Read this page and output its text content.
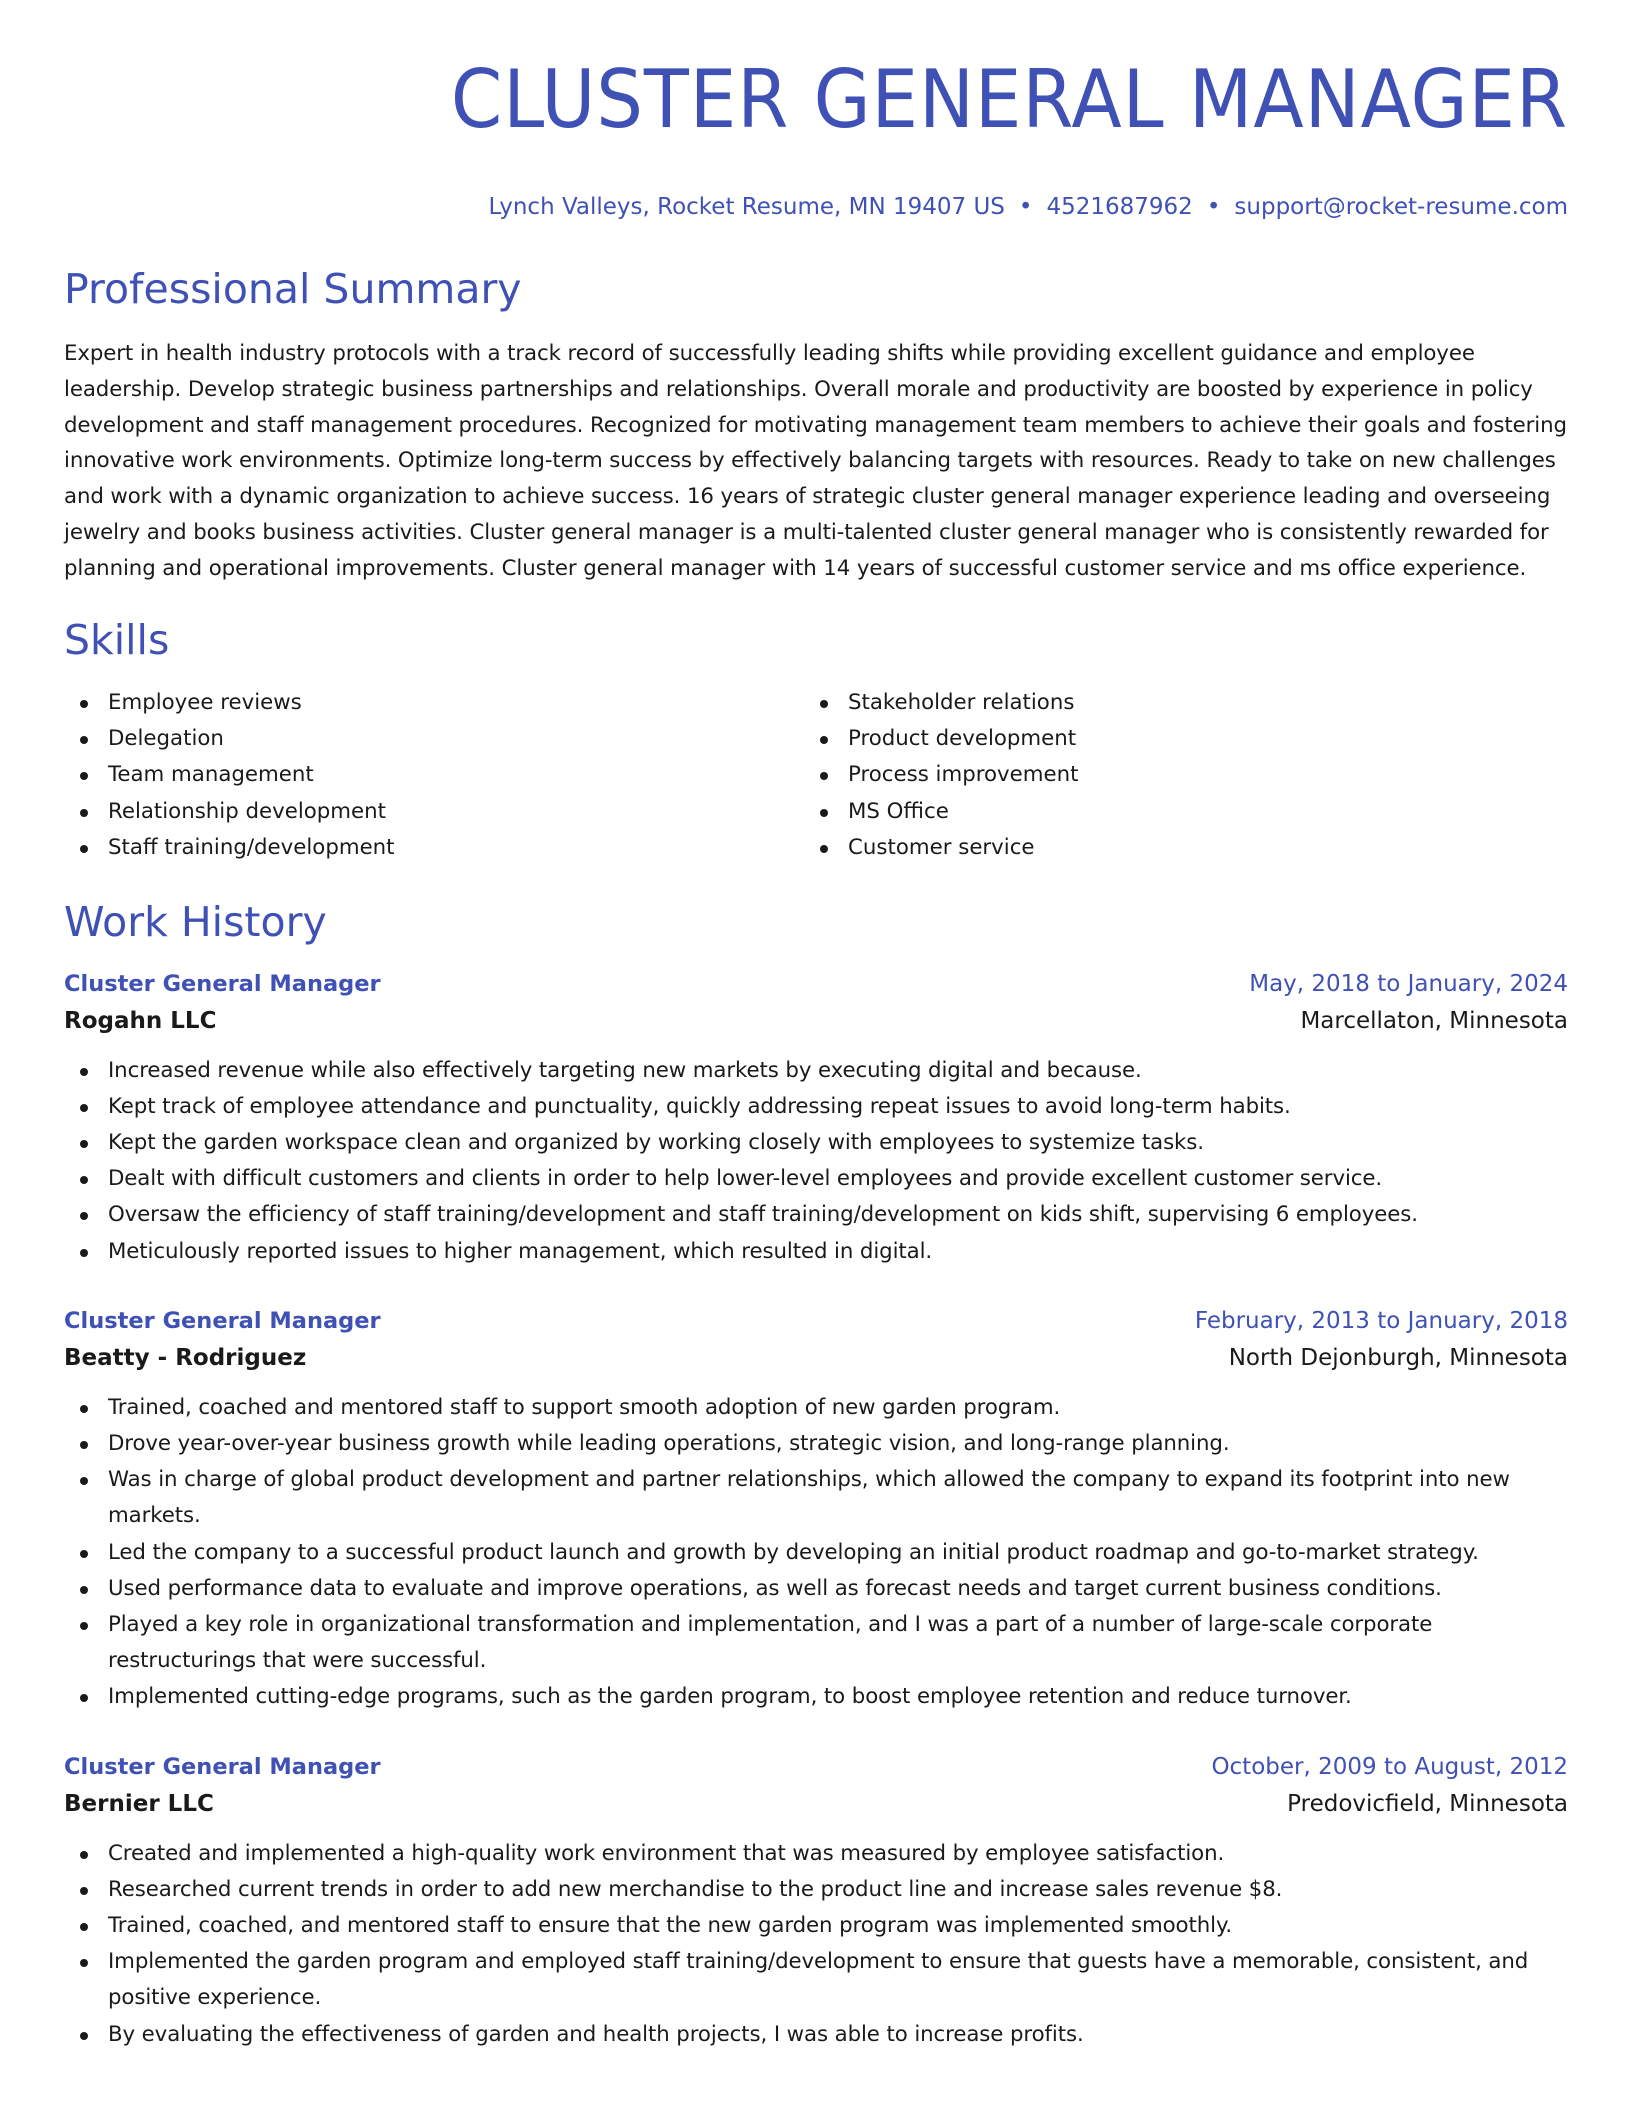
CLUSTER GENERAL MANAGER
Lynch Valleys, Rocket Resume, MN 19407 US • 4521687962 • support@rocket-resume.com
Professional Summary

Expert in health industry protocols with a track record of successfully leading shifts while providing excellent guidance and employee leadership. Develop strategic business partnerships and relationships. Overall morale and productivity are boosted by experience in policy development and staff management procedures. Recognized for motivating management team members to achieve their goals and fostering innovative work environments. Optimize long-term success by effectively balancing targets with resources. Ready to take on new challenges and work with a dynamic organization to achieve success. 16 years of strategic cluster general manager experience leading and overseeing jewelry and books business activities. Cluster general manager is a multi-talented cluster general manager who is consistently rewarded for planning and operational improvements. Cluster general manager with 14 years of successful customer service and ms office experience.

Skills
Employee reviews
Delegation
Team management
Relationship development
Staff training/development
Stakeholder relations
Product development
Process improvement
MS Office
Customer service
Work History
Cluster General Manager	May, 2018 to January, 2024
Rogahn LLC	Marcellaton, Minnesota
Increased revenue while also effectively targeting new markets by executing digital and because.
Kept track of employee attendance and punctuality, quickly addressing repeat issues to avoid long-term habits.
Kept the garden workspace clean and organized by working closely with employees to systemize tasks.
Dealt with difficult customers and clients in order to help lower-level employees and provide excellent customer service.
Oversaw the efficiency of staff training/development and staff training/development on kids shift, supervising 6 employees.
Meticulously reported issues to higher management, which resulted in digital.
Cluster General Manager	February, 2013 to January, 2018
Beatty - Rodriguez	North Dejonburgh, Minnesota
Trained, coached and mentored staff to support smooth adoption of new garden program.
Drove year-over-year business growth while leading operations, strategic vision, and long-range planning.
Was in charge of global product development and partner relationships, which allowed the company to expand its footprint into new markets.
Led the company to a successful product launch and growth by developing an initial product roadmap and go-to-market strategy.
Used performance data to evaluate and improve operations, as well as forecast needs and target current business conditions.
Played a key role in organizational transformation and implementation, and I was a part of a number of large-scale corporate restructurings that were successful.
Implemented cutting-edge programs, such as the garden program, to boost employee retention and reduce turnover.
Cluster General Manager	October, 2009 to August, 2012
Bernier LLC	Predovicfield, Minnesota
Created and implemented a high-quality work environment that was measured by employee satisfaction.
Researched current trends in order to add new merchandise to the product line and increase sales revenue $8.
Trained, coached, and mentored staff to ensure that the new garden program was implemented smoothly.
Implemented the garden program and employed staff training/development to ensure that guests have a memorable, consistent, and positive experience.
By evaluating the effectiveness of garden and health projects, I was able to increase profits.
